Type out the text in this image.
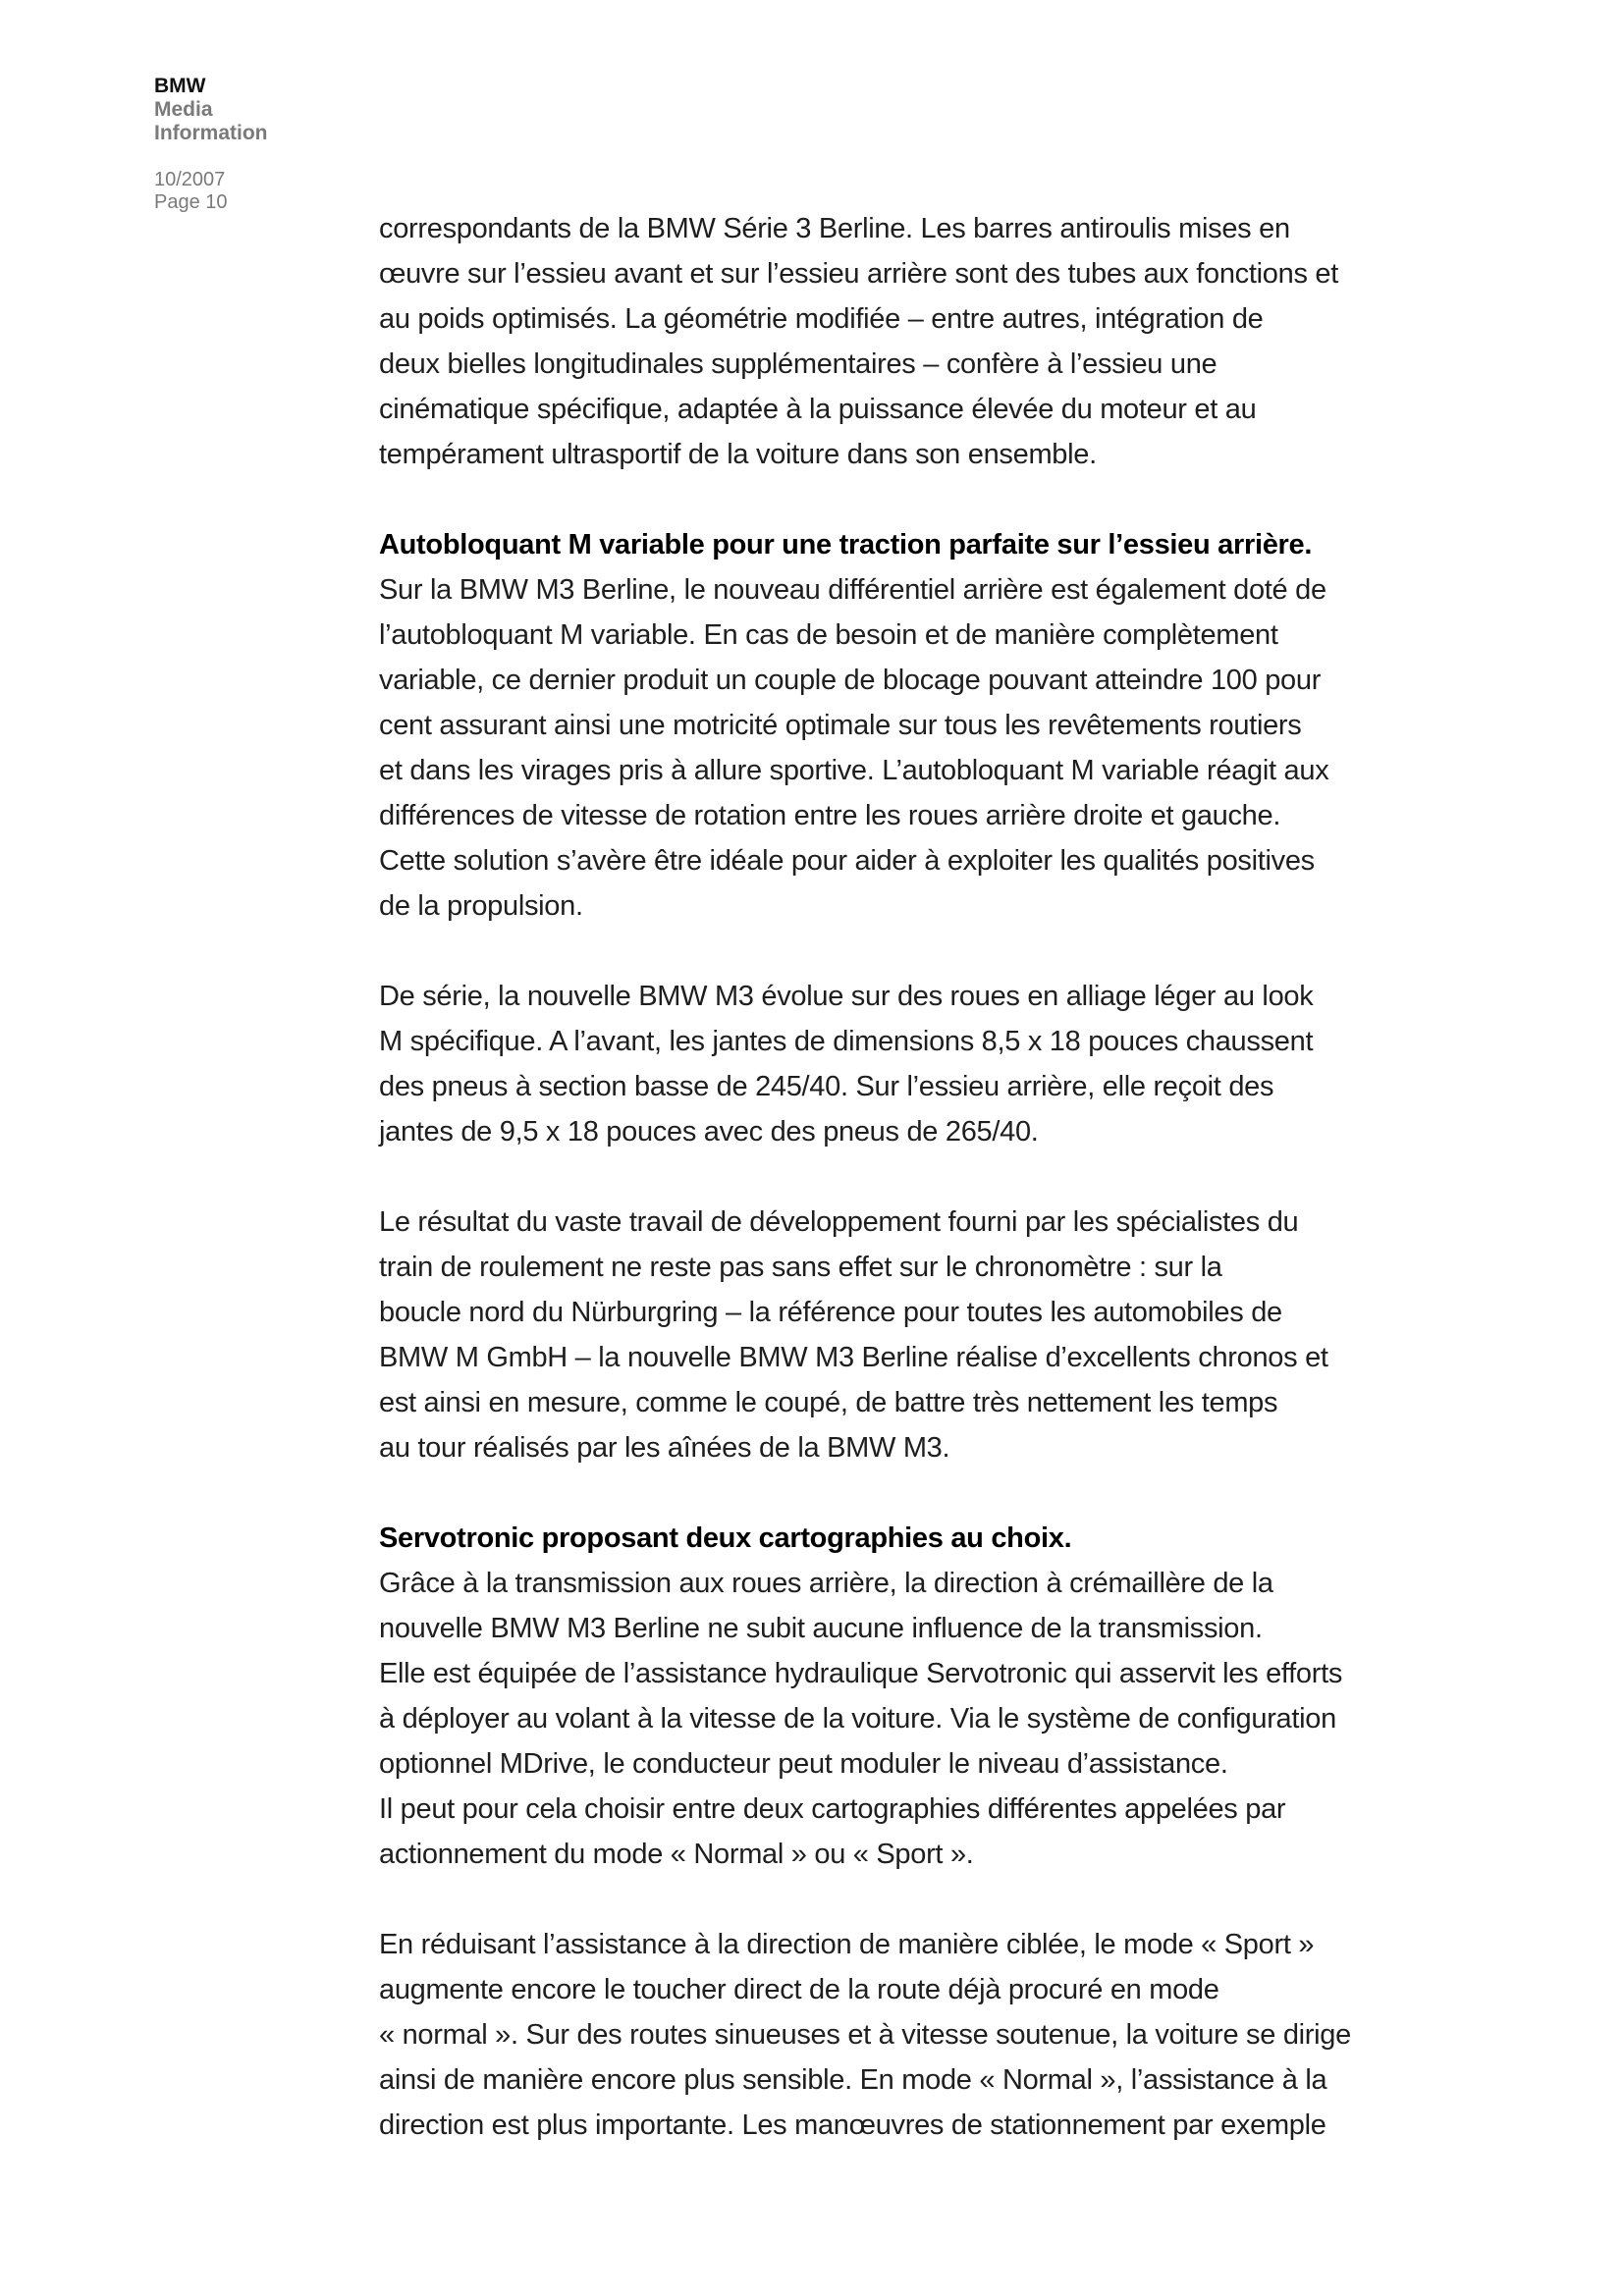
BMW
Media
Information
10/2007
Page 10
correspondants de la BMW Série 3 Berline. Les barres antiroulis mises en
œuvre sur l’essieu avant et sur l’essieu arrière sont des tubes aux fonctions et
au poids optimisés. La géométrie modifiée – entre autres, intégration de
deux bielles longitudinales supplémentaires – confère à l’essieu une
cinématique spécifique, adaptée à la puissance élevée du moteur et au
tempérament ultrasportif de la voiture dans son ensemble.
Autobloquant M variable pour une traction parfaite sur l’essieu arrière.
Sur la BMW M3 Berline, le nouveau différentiel arrière est également doté de
l’autobloquant M variable. En cas de besoin et de manière complètement
variable, ce dernier produit un couple de blocage pouvant atteindre 100 pour
cent assurant ainsi une motricité optimale sur tous les revêtements routiers
et dans les virages pris à allure sportive. L’autobloquant M variable réagit aux
différences de vitesse de rotation entre les roues arrière droite et gauche.
Cette solution s’avère être idéale pour aider à exploiter les qualités positives
de la propulsion.
De série, la nouvelle BMW M3 évolue sur des roues en alliage léger au look
M spécifique. A l’avant, les jantes de dimensions 8,5 x 18 pouces chaussent
des pneus à section basse de 245/40. Sur l’essieu arrière, elle reçoit des
jantes de 9,5 x 18 pouces avec des pneus de 265/40.
Le résultat du vaste travail de développement fourni par les spécialistes du
train de roulement ne reste pas sans effet sur le chronomètre : sur la
boucle nord du Nürburgring – la référence pour toutes les automobiles de
BMW M GmbH – la nouvelle BMW M3 Berline réalise d’excellents chronos et
est ainsi en mesure, comme le coupé, de battre très nettement les temps
au tour réalisés par les aînées de la BMW M3.
Servotronic proposant deux cartographies au choix.
Grâce à la transmission aux roues arrière, la direction à crémaillère de la
nouvelle BMW M3 Berline ne subit aucune influence de la transmission.
Elle est équipée de l’assistance hydraulique Servotronic qui asservit les efforts
à déployer au volant à la vitesse de la voiture. Via le système de configuration
optionnel MDrive, le conducteur peut moduler le niveau d’assistance.
Il peut pour cela choisir entre deux cartographies différentes appelées par
actionnement du mode « Normal » ou « Sport ».
En réduisant l’assistance à la direction de manière ciblée, le mode « Sport »
augmente encore le toucher direct de la route déjà procuré en mode
« normal ». Sur des routes sinueuses et à vitesse soutenue, la voiture se dirige
ainsi de manière encore plus sensible. En mode « Normal », l’assistance à la
direction est plus importante. Les manœuvres de stationnement par exemple
